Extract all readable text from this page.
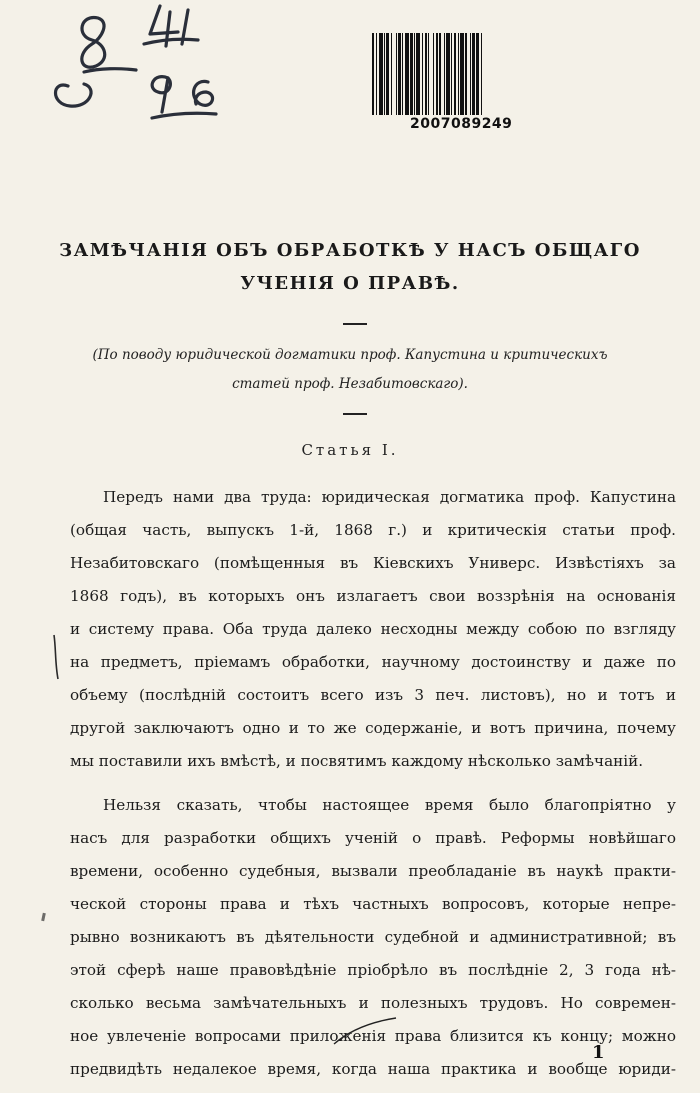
2007089249
ЗАМѢЧАНІЯ ОБЪ ОБРАБОТКѢ У НАСЪ ОБЩАГО
УЧЕНІЯ О ПРАВѢ.
(По поводу юридической догматики проф. Капустина и критическихъ
статей проф. Незабитовскаго).
Статья I.
Передъ нами два труда: юридическая догматика проф. Капустина
(общая часть, выпускъ 1-й, 1868 г.) и критическія статьи проф.
Незабитовскаго (помѣщенныя въ Кіевскихъ Универс. Извѣстіяхъ за
1868 годъ), въ которыхъ онъ излагаетъ свои воззрѣнія на основанія
и систему права. Оба труда далеко несходны между собою по взгляду
на предметъ, пріемамъ обработки, научному достоинству и даже по
объему (послѣдній состоитъ всего изъ 3 печ. листовъ), но и тотъ и
другой заключаютъ одно и то же содержаніе, и вотъ причина, почему
мы поставили ихъ вмѣстѣ, и посвятимъ каждому нѣсколько замѣчаній.
Нельзя сказать, чтобы настоящее время было благопріятно у
насъ для разработки общихъ ученій о правѣ. Реформы новѣйшаго
времени, особенно судебныя, вызвали преобладаніе въ наукѣ практи-
ческой стороны права и тѣхъ частныхъ вопросовъ, которые непре-
рывно возникаютъ въ дѣятельности судебной и административной; въ
этой сферѣ наше правовѣдѣніе пріобрѣло въ послѣдніе 2, 3 года нѣ-
сколько весьма замѣчательныхъ и полезныхъ трудовъ. Но современ-
ное увлеченіе вопросами приложенія права близится къ концу; можно
предвидѣть недалекое время, когда наша практика и вообще юриди-
1
